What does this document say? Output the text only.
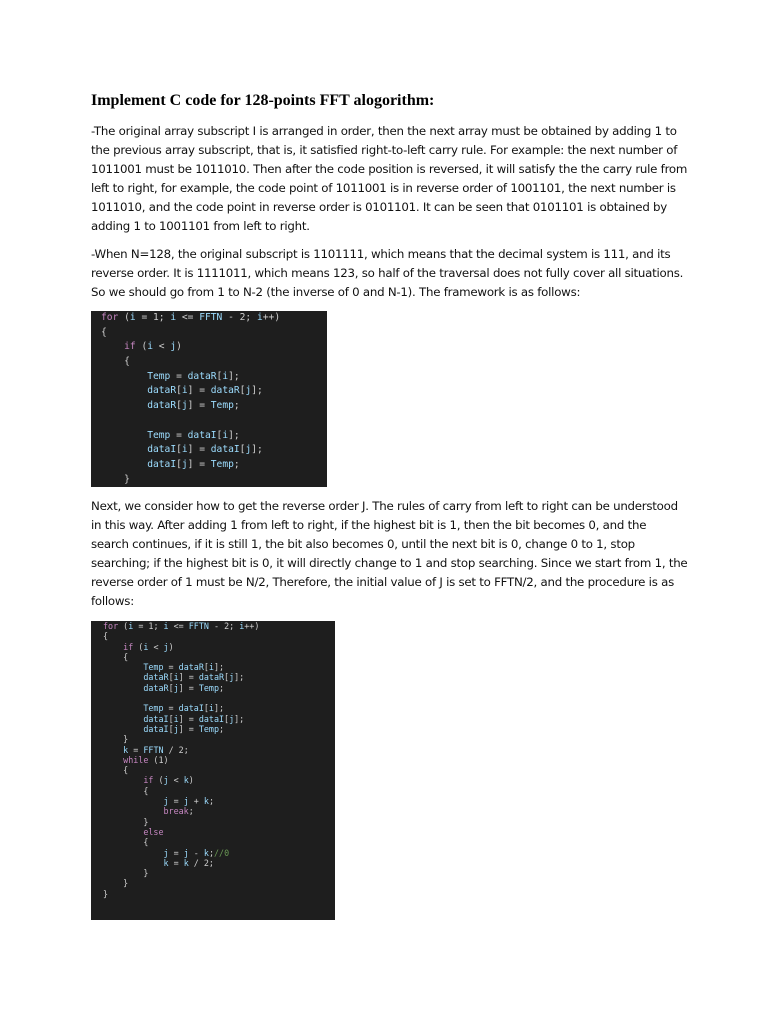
Implement C code for 128-points FFT alogorithm:

-The original array subscript I is arranged in order, then the next array must be obtained by adding 1 to
the previous array subscript, that is, it satisfied right-to-left carry rule. For example: the next number of
1011001 must be 1011010. Then after the code position is reversed, it will satisfy the the carry rule from
left to right, for example, the code point of 1011001 is in reverse order of 1001101, the next number is
1011010, and the code point in reverse order is 0101101. It can be seen that 0101101 is obtained by
adding 1 to 1001101 from left to right.

-When N=128, the original subscript is 1101111, which means that the decimal system is 111, and its
reverse order. It is 1111011, which means 123, so half of the traversal does not fully cover all situations.
So we should go from 1 to N-2 (the inverse of 0 and N-1). The framework is as follows:

for (i = 1; i <= FFTN - 2; i++)
{
if (i < j)
{
Temp = dataR[i];
dataR[i] = dataR[j];
dataR[j] = Temp;

Temp = dataI[i];
dataI[i] = dataI[j];
dataI[j] = Temp;
}

Next, we consider how to get the reverse order J. The rules of carry from left to right can be understood
in this way. After adding 1 from left to right, if the highest bit is 1, then the bit becomes 0, and the
search continues, if it is still 1, the bit also becomes 0, until the next bit is 0, change 0 to 1, stop
searching; if the highest bit is 0, it will directly change to 1 and stop searching. Since we start from 1, the
reverse order of 1 must be N/2, Therefore, the initial value of J is set to FFTN/2, and the procedure is as
follows:

for (i = 1; i <= FFTN - 2; i++)
{
if (i < j)
{
Temp = dataR[i];
dataR[i] = dataR[j];
dataR[j] = Temp;

Temp = dataI[i];
dataI[i] = dataI[j];
dataI[j] = Temp;
}
k = FFTN / 2;
while (1)
{
if (j < k)
{
j = j + k;
break;
}
else
{
j = j - k;//0
k = k / 2;
}
}
}
